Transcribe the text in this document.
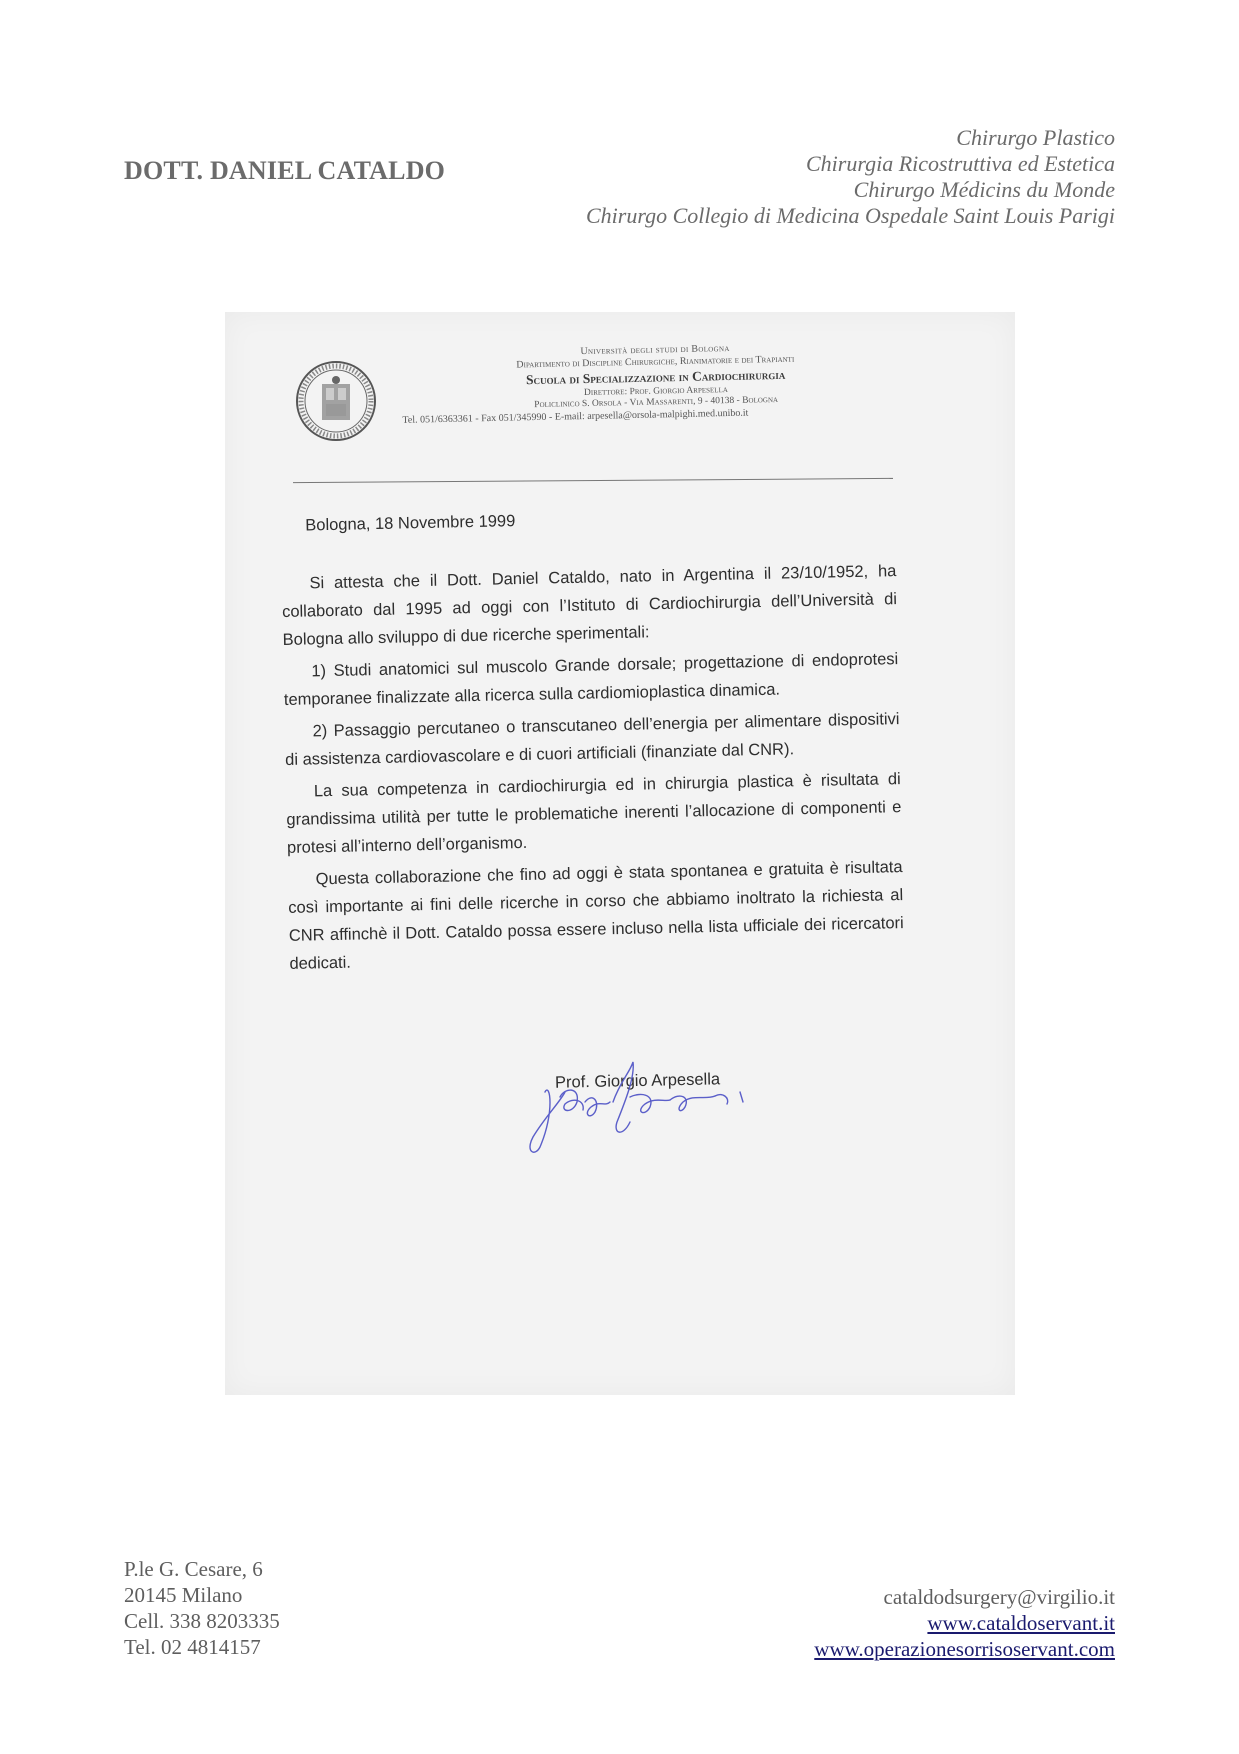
DOTT. DANIEL CATALDO
Chirurgo Plastico
Chirurgia Ricostruttiva ed Estetica
Chirurgo Médicins du Monde
Chirurgo Collegio di Medicina Ospedale Saint Louis Parigi
Università degli studi di Bologna
Dipartimento di Discipline Chirurgiche, Rianimatorie e dei Trapianti
Scuola di Specializzazione in Cardiochirurgia
Direttore: Prof. Giorgio Arpesella
Policlinico S. Orsola - Via Massarenti, 9 - 40138 - Bologna
Tel. 051/6363361 - Fax 051/345990 - E-mail: arpesella@orsola-malpighi.med.unibo.it
Bologna, 18 Novembre 1999

Si attesta che il Dott. Daniel Cataldo, nato in Argentina il 23/10/1952, ha collaborato dal 1995 ad oggi con l’Istituto di Cardiochirurgia dell’Università di Bologna allo sviluppo di due ricerche sperimentali:

1) Studi anatomici sul muscolo Grande dorsale; progettazione di endoprotesi temporanee finalizzate alla ricerca sulla cardiomioplastica dinamica.

2) Passaggio percutaneo o transcutaneo dell’energia per alimentare dispositivi di assistenza cardiovascolare e di cuori artificiali (finanziate dal CNR).

La sua competenza in cardiochirurgia ed in chirurgia plastica è risultata di grandissima utilità per tutte le problematiche inerenti l’allocazione di componenti e protesi all’interno dell’organismo.

Questa collaborazione che fino ad oggi è stata spontanea e gratuita è risultata così importante ai fini delle ricerche in corso che abbiamo inoltrato la richiesta al CNR affinchè il Dott. Cataldo possa essere incluso nella lista ufficiale dei ricercatori dedicati.

Prof. Giorgio Arpesella
P.le G. Cesare, 6
20145 Milano
Cell. 338 8203335
Tel. 02 4814157
cataldodsurgery@virgilio.it
www.cataldoservant.it
www.operazionesorrisoservant.com
